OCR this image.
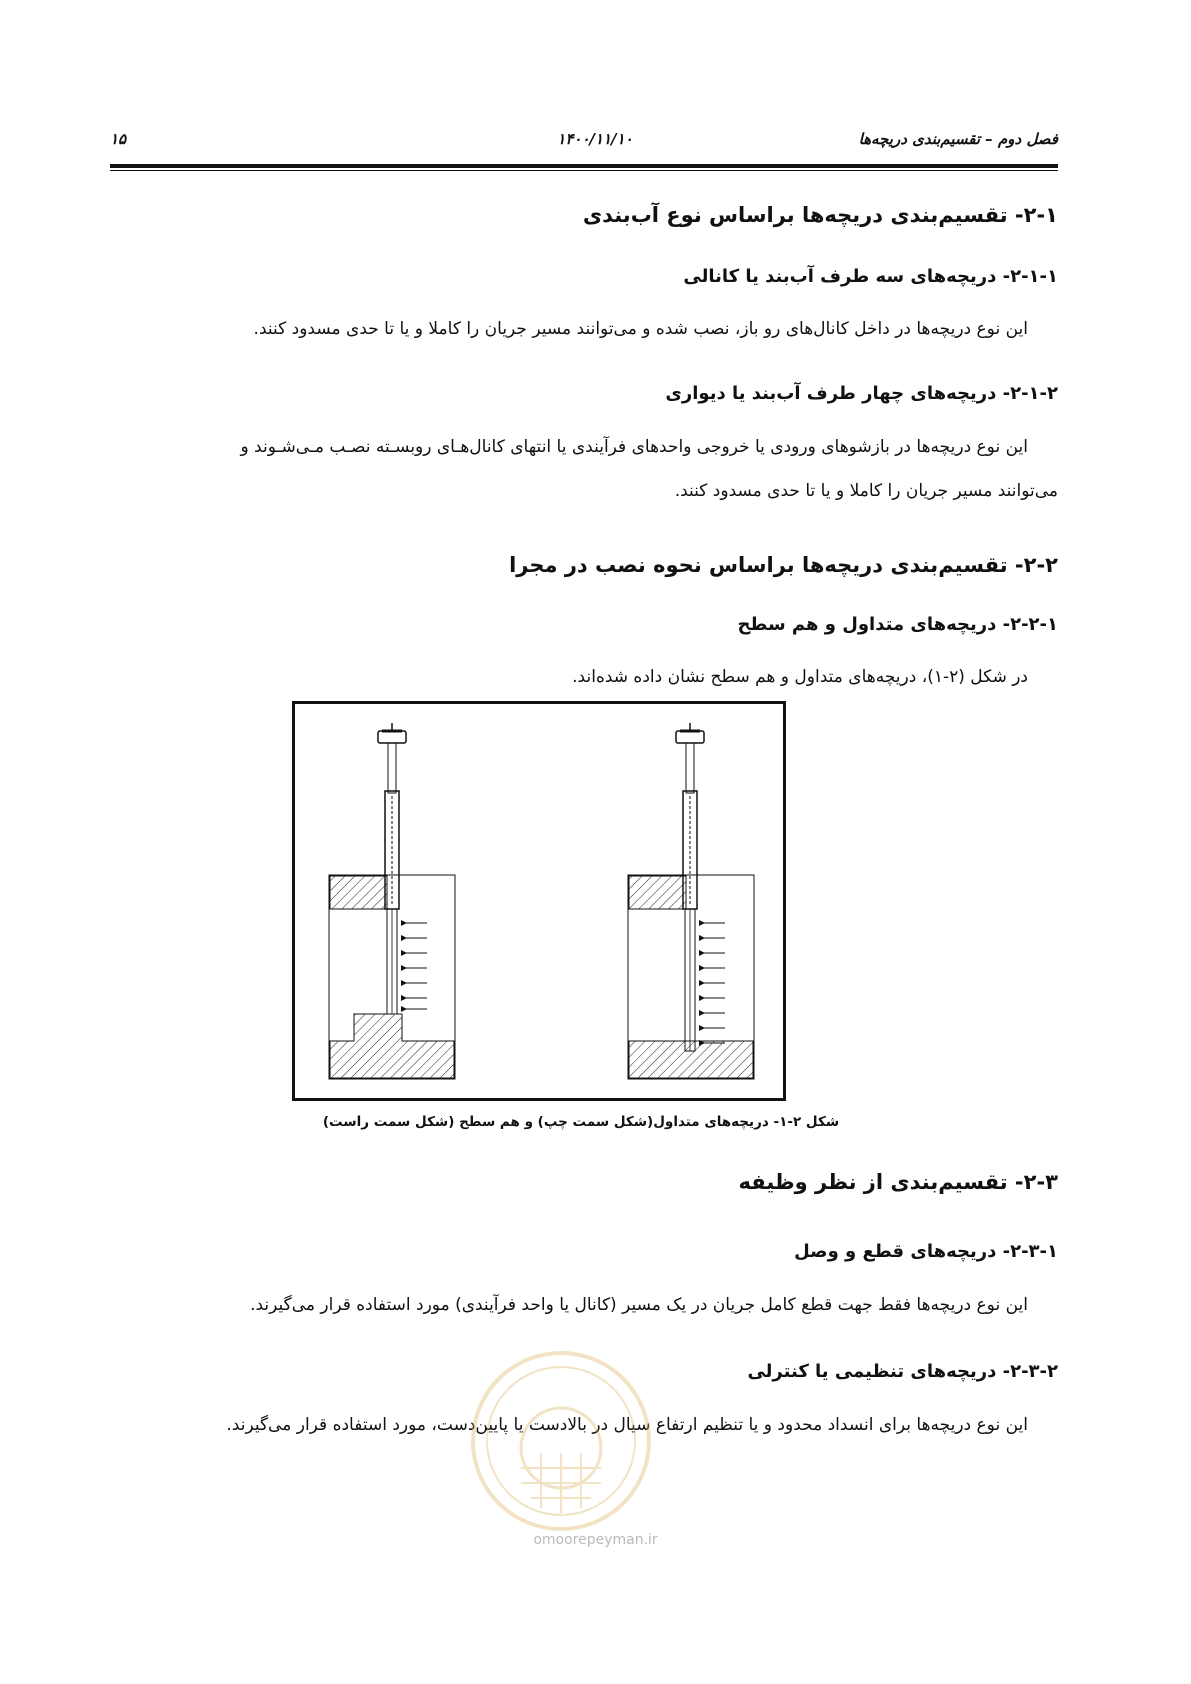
فصل دوم – تقسیم‌بندی دریچه‌ها
۱۴۰۰/۱۱/۱۰
۱۵
۲-۱- تقسیم‌بندی دریچه‌ها براساس نوع آب‌بندی
۲-۱-۱- دریچه‌های سه طرف آب‌بند یا کانالی
این نوع دریچه‌ها در داخل کانال‌های رو باز، نصب شده و می‌توانند مسیر جریان را کاملا و یا تا حدی مسدود کنند.
۲-۱-۲- دریچه‌های چهار طرف آب‌بند یا دیواری
این نوع دریچه‌ها در بازشوهای ورودی یا خروجی واحدهای فرآیندی یا انتهای کانال‌هـای روبسـته نصـب مـی‌شـوند و
می‌توانند مسیر جریان را کاملا و یا تا حدی مسدود کنند.
۲-۲- تقسیم‌بندی دریچه‌ها براساس نحوه نصب در مجرا
۲-۲-۱- دریچه‌های متداول و هم سطح
در شکل (۲-۱)، دریچه‌های متداول و هم سطح نشان داده شده‌اند.
شکل ۲-۱- دریچه‌های متداول(شکل سمت چپ) و هم سطح (شکل سمت راست)
۲-۳- تقسیم‌بندی از نظر وظیفه
۲-۳-۱- دریچه‌های قطع و وصل
این نوع دریچه‌ها فقط جهت قطع کامل جریان در یک مسیر (کانال یا واحد فرآیندی) مورد استفاده قرار می‌گیرند.
۲-۳-۲- دریچه‌های تنظیمی یا کنترلی
این نوع دریچه‌ها برای انسداد محدود و یا تنظیم ارتفاع سیال در بالادست یا پایین‌دست، مورد استفاده قرار می‌گیرند.
omoorepeyman.ir
